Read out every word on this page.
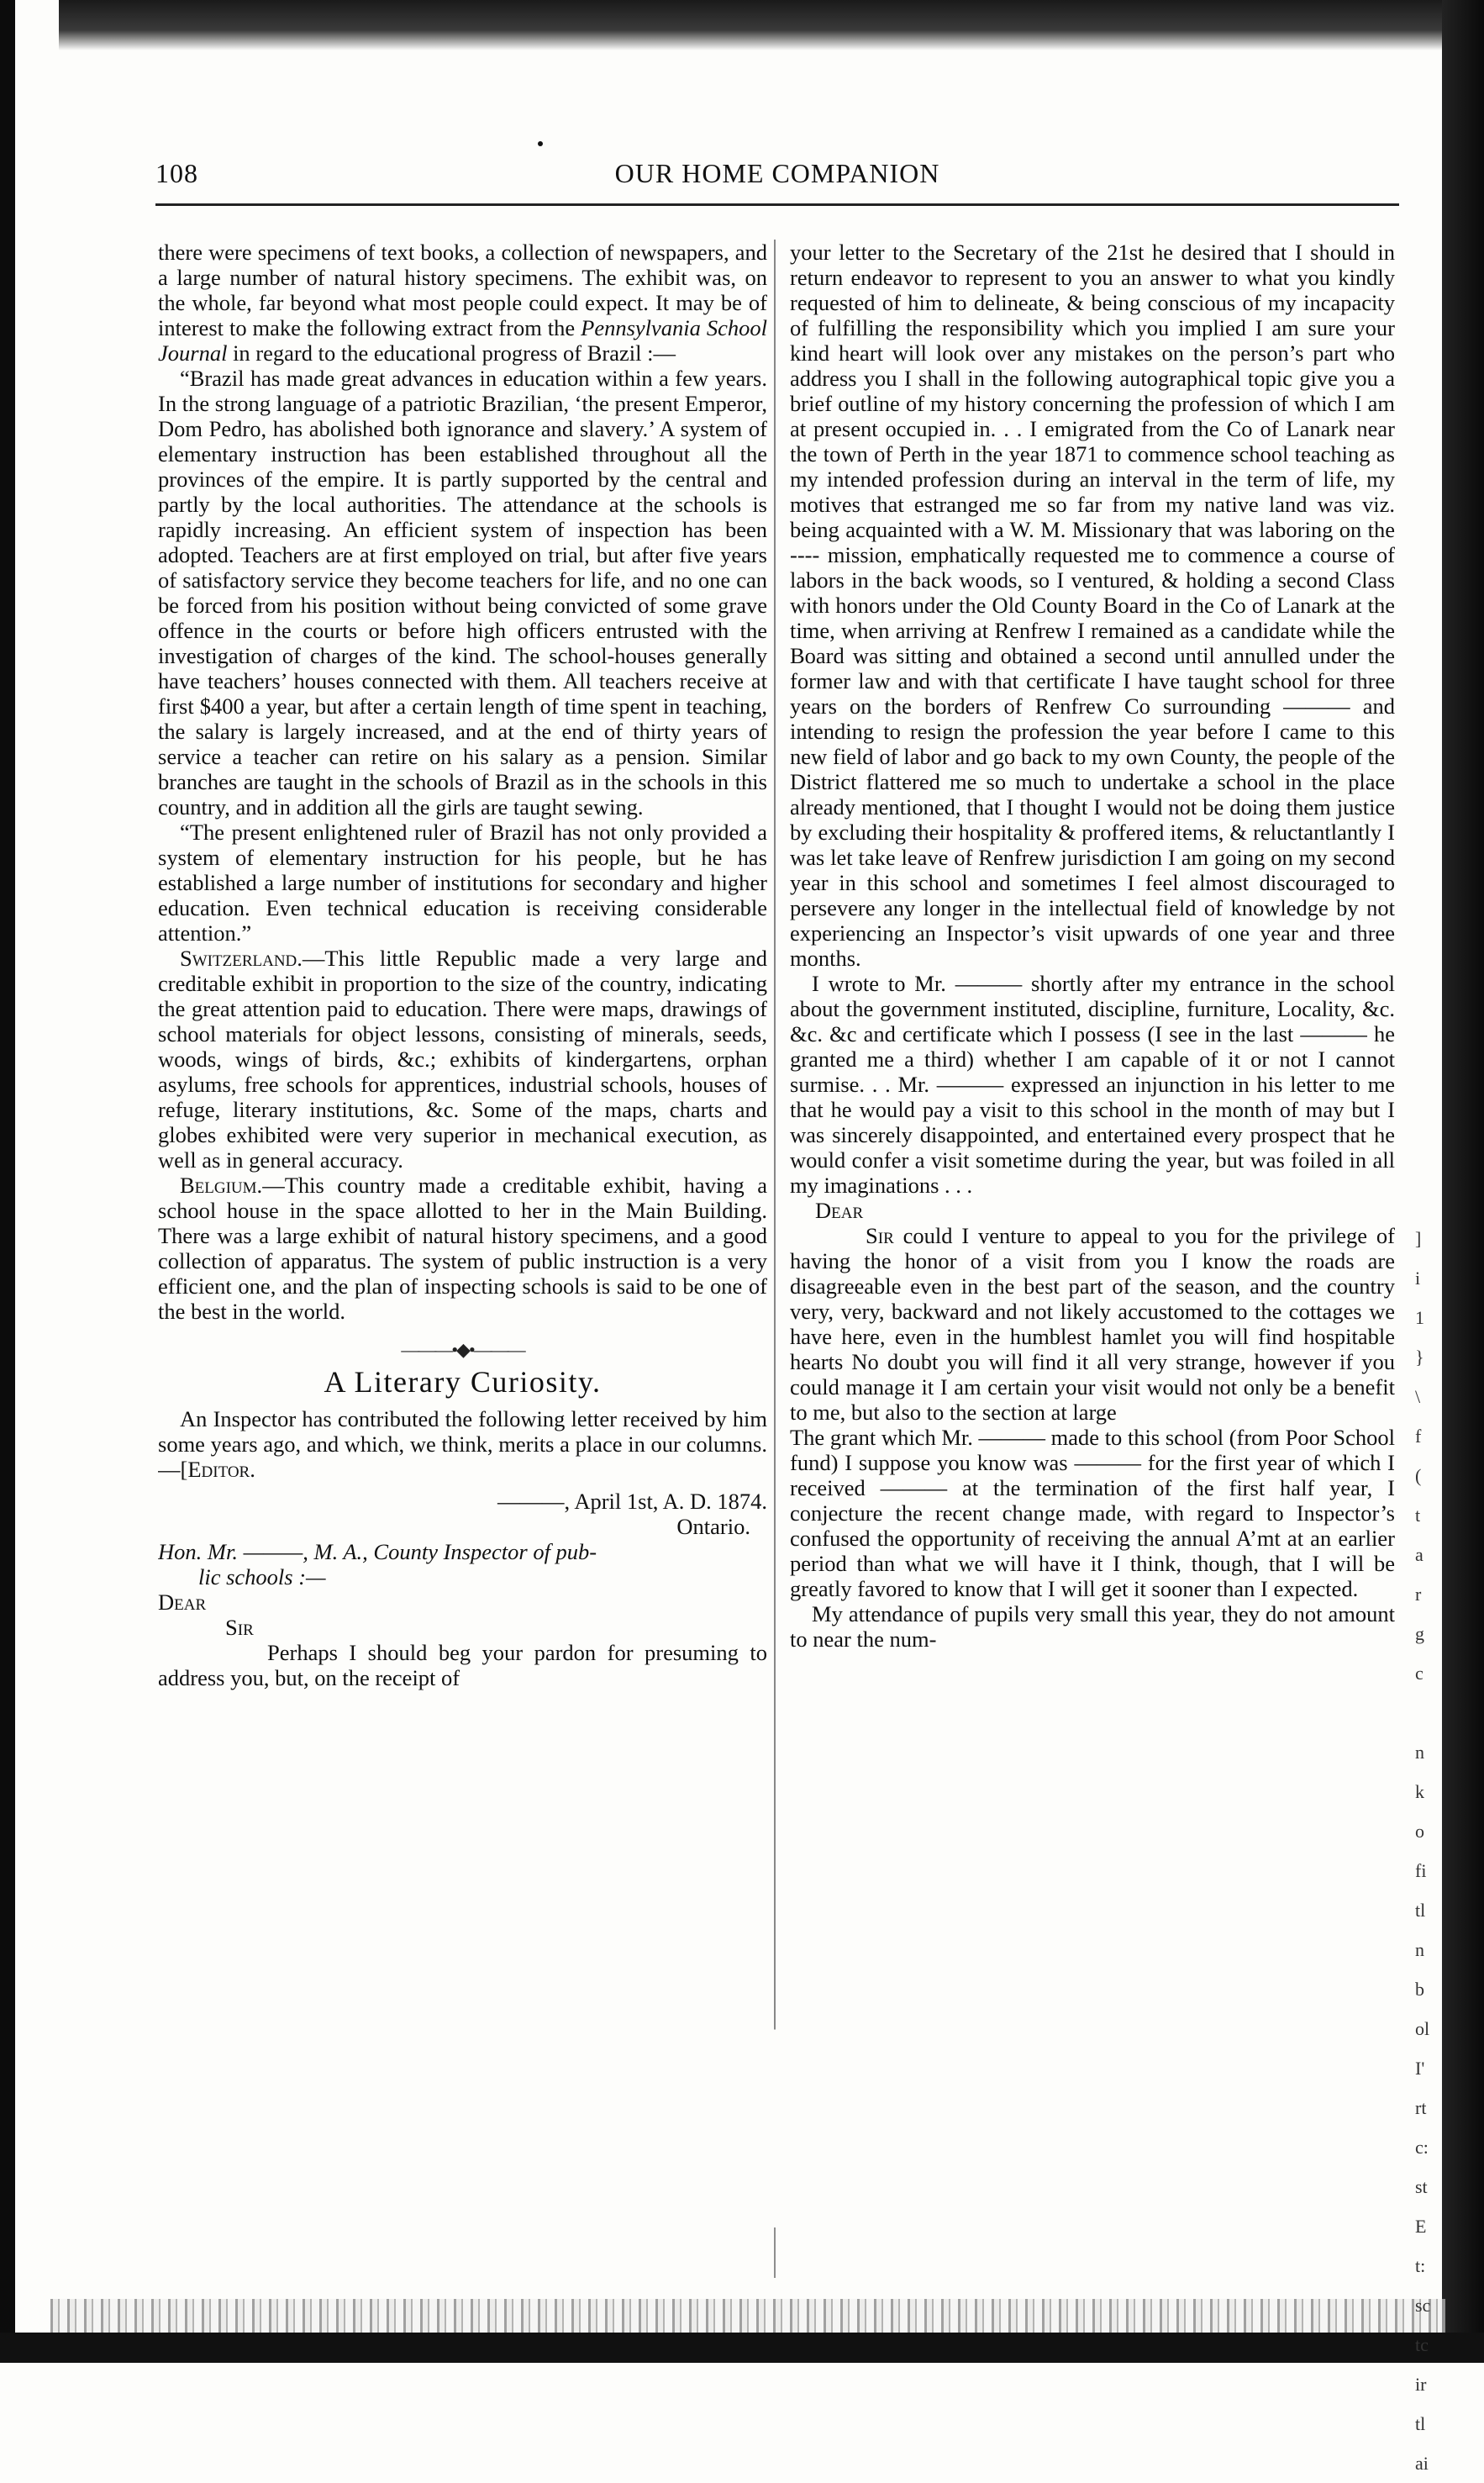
108	OUR HOME COMPANION

there were specimens of text books, a collection of newspapers, and a large number of natural history specimens. The exhibit was, on the whole, far beyond what most people could expect. It may be of interest to make the following extract from the Pennsylvania School Journal in regard to the educational progress of Brazil :—

“Brazil has made great advances in education within a few years. In the strong language of a patriotic Brazilian, ‘the present Emperor, Dom Pedro, has abolished both ignorance and slavery.’ A system of elementary instruction has been established throughout all the provinces of the empire. It is partly supported by the central and partly by the local authorities. The attendance at the schools is rapidly increasing. An efficient system of inspection has been adopted. Teachers are at first employed on trial, but after five years of satisfactory service they become teachers for life, and no one can be forced from his position without being convicted of some grave offence in the courts or before high officers entrusted with the investigation of charges of the kind. The school-houses generally have teachers’ houses connected with them. All teachers receive at first $400 a year, but after a certain length of time spent in teaching, the salary is largely increased, and at the end of thirty years of service a teacher can retire on his salary as a pension. Similar branches are taught in the schools of Brazil as in the schools in this country, and in addition all the girls are taught sewing.

“The present enlightened ruler of Brazil has not only provided a system of elementary instruction for his people, but he has established a large number of institutions for secondary and higher education. Even technical education is receiving considerable attention.”

Switzerland.—This little Republic made a very large and creditable exhibit in proportion to the size of the country, indicating the great attention paid to education. There were maps, drawings of school materials for object lessons, consisting of minerals, seeds, woods, wings of birds, &c.; exhibits of kindergartens, orphan asylums, free schools for apprentices, industrial schools, houses of refuge, literary institutions, &c. Some of the maps, charts and globes exhibited were very superior in mechanical execution, as well as in general accuracy.

Belgium.—This country made a creditable exhibit, having a school house in the space allotted to her in the Main Building. There was a large exhibit of natural history specimens, and a good collection of apparatus. The system of public instruction is a very efficient one, and the plan of inspecting schools is said to be one of the best in the world.

———•◆•———
A Literary Curiosity.

An Inspector has contributed the following letter received by him some years ago, and which, we think, merits a place in our columns.—[Editor.

———, April 1st, A. D. 1874.

Ontario.

Hon. Mr. ———, M. A., County Inspector of pub-

lic schools :—

Dear

Sir

Perhaps I should beg your pardon for presuming to address you, but, on the receipt of

your letter to the Secretary of the 21st he desired that I should in return endeavor to represent to you an answer to what you kindly requested of him to delineate, & being conscious of my incapacity of fulfilling the responsibility which you implied I am sure your kind heart will look over any mistakes on the person’s part who address you I shall in the following autographical topic give you a brief outline of my history concerning the profession of which I am at present occupied in. . . I emigrated from the Co of Lanark near the town of Perth in the year 1871 to commence school teaching as my intended profession during an interval in the term of life, my motives that estranged me so far from my native land was viz. being acquainted with a W. M. Missionary that was laboring on the ---- mission, emphatically requested me to commence a course of labors in the back woods, so I ventured, & holding a second Class with honors under the Old County Board in the Co of Lanark at the time, when arriving at Renfrew I remained as a candidate while the Board was sitting and obtained a second until annulled under the former law and with that certificate I have taught school for three years on the borders of Renfrew Co surrounding ——— and intending to resign the profession the year before I came to this new field of labor and go back to my own County, the people of the District flattered me so much to undertake a school in the place already mentioned, that I thought I would not be doing them justice by excluding their hospitality & proffered items, & reluctantlantly I was let take leave of Renfrew jurisdiction I am going on my second year in this school and sometimes I feel almost discouraged to persevere any longer in the intellectual field of knowledge by not experiencing an Inspector’s visit upwards of one year and three months.

I wrote to Mr. ——— shortly after my entrance in the school about the government instituted, discipline, furniture, Locality, &c. &c. &c and certificate which I possess (I see in the last ——— he granted me a third) whether I am capable of it or not I cannot surmise. . . Mr. ——— expressed an injunction in his letter to me that he would pay a visit to this school in the month of may but I was sincerely disappointed, and entertained every prospect that he would confer a visit sometime during the year, but was foiled in all my imaginations . . .

Dear

Sir could I venture to appeal to you for the privilege of having the honor of a visit from you I know the roads are disagreeable even in the best part of the season, and the country very, very, backward and not likely accustomed to the cottages we have here, even in the humblest hamlet you will find hospitable hearts No doubt you will find it all very strange, however if you could manage it I am certain your visit would not only be a benefit to me, but also to the section at large

The grant which Mr. ——— made to this school (from Poor School fund) I suppose you know was ——— for the first year of which I received ——— at the termination of the first half year, I conjecture the recent change made, with regard to Inspector’s confused the opportunity of receiving the annual A’mt at an earlier period than what we will have it I think, though, that I will be greatly favored to know that I will get it sooner than I expected.

My attendance of pupils very small this year, they do not amount to near the num-

]
i
1
}
\
f
(
t
a
r
g
c
n
k
o
fi
tl
n
b
ol
I'
rt
c:
st
E
t:
sc
tc
ir
tl
ai
